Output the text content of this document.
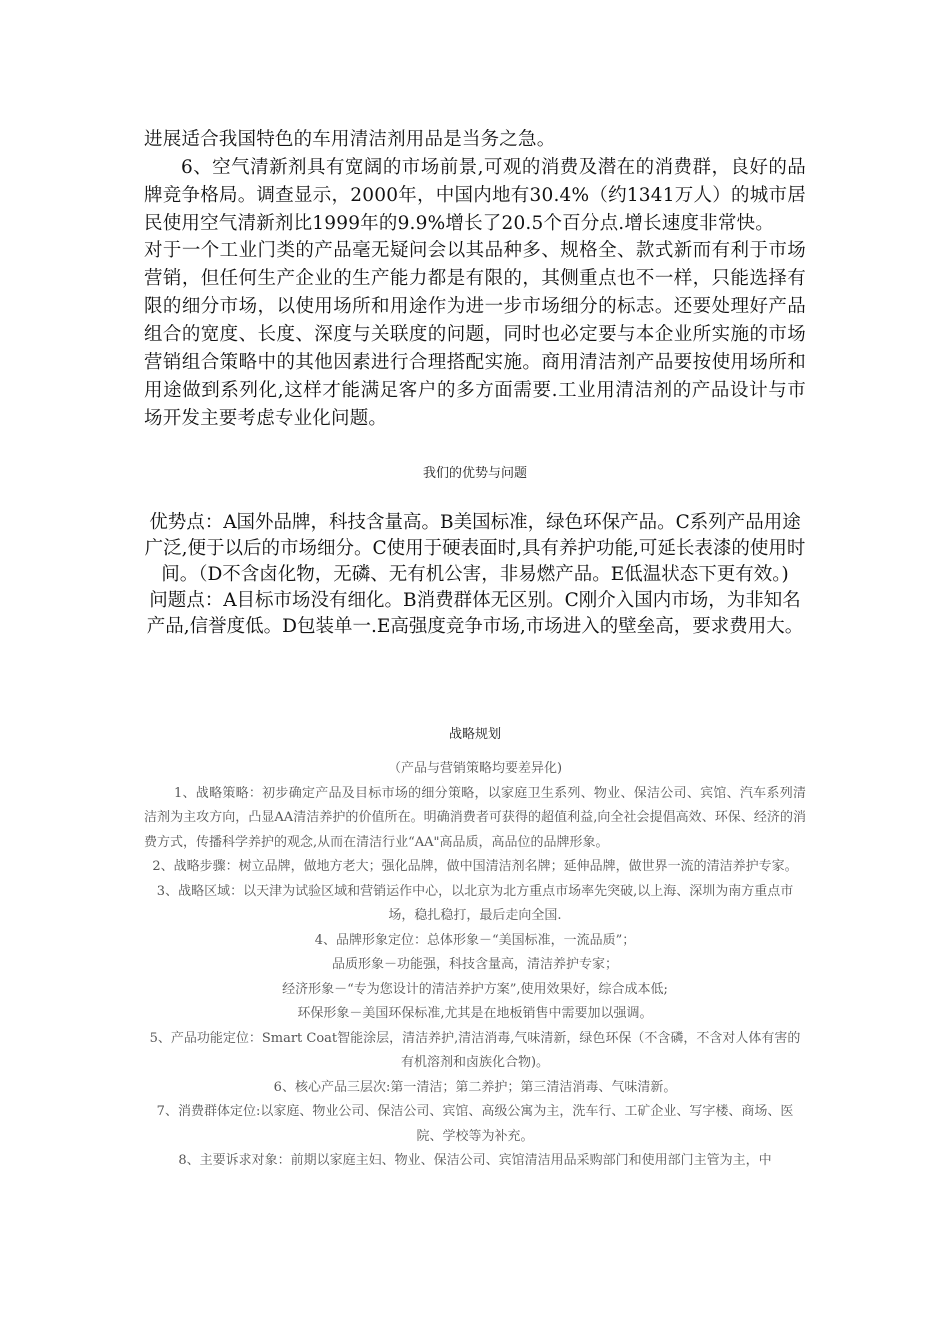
进展适合我国特色的车用清洁剂用品是当务之急。

6、空气清新剂具有宽阔的市场前景,可观的消费及潜在的消费群，良好的品牌竞争格局。调查显示，2000年，中国内地有30.4%（约1341万人）的城市居民使用空气清新剂比1999年的9.9%增长了20.5个百分点.增长速度非常快。

对于一个工业门类的产品毫无疑问会以其品种多、规格全、款式新而有利于市场营销，但任何生产企业的生产能力都是有限的，其侧重点也不一样，只能选择有限的细分市场，以使用场所和用途作为进一步市场细分的标志。还要处理好产品组合的宽度、长度、深度与关联度的问题，同时也必定要与本企业所实施的市场营销组合策略中的其他因素进行合理搭配实施。商用清洁剂产品要按使用场所和用途做到系列化,这样才能满足客户的多方面需要.工业用清洁剂的产品设计与市场开发主要考虑专业化问题。

我们的优势与问题

优势点：A国外品牌，科技含量高。B美国标准，绿色环保产品。C系列产品用途广泛,便于以后的市场细分。C使用于硬表面时,具有养护功能,可延长表漆的使用时间。（D不含卤化物，无磷、无有机公害，非易燃产品。E低温状态下更有效。)

问题点：A目标市场没有细化。B消费群体无区别。C刚介入国内市场，为非知名产品,信誉度低。D包装单一.E高强度竞争市场,市场进入的壁垒高，要求费用大。

战略规划

（产品与营销策略均要差异化)

1、战略策略：初步确定产品及目标市场的细分策略，以家庭卫生系列、物业、保洁公司、宾馆、汽车系列清洁剂为主攻方向，凸显AA清洁养护的价值所在。明确消费者可获得的超值利益,向全社会提倡高效、环保、经济的消费方式，传播科学养护的观念,从而在清洁行业“AA"高品质，高品位的品牌形象。

2、战略步骤：树立品牌，做地方老大；强化品牌，做中国清洁剂名牌；延伸品牌，做世界一流的清洁养护专家。

3、战略区域：以天津为试验区域和营销运作中心，以北京为北方重点市场率先突破,以上海、深圳为南方重点市场，稳扎稳打，最后走向全国.

4、品牌形象定位：总体形象－“美国标准，一流品质”；

品质形象－功能强，科技含量高，清洁养护专家；

经济形象－“专为您设计的清洁养护方案”,使用效果好，综合成本低;

环保形象－美国环保标准,尤其是在地板销售中需要加以强调。

5、产品功能定位：Smart Coat智能涂层，清洁养护,清洁消毒,气味清新，绿色环保（不含磷，不含对人体有害的有机溶剂和卤族化合物)。

6、核心产品三层次:第一清洁；第二养护；第三清洁消毒、气味清新。

7、消费群体定位:以家庭、物业公司、保洁公司、宾馆、高级公寓为主，洗车行、工矿企业、写字楼、商场、医院、学校等为补充。

8、主要诉求对象：前期以家庭主妇、物业、保洁公司、宾馆清洁用品采购部门和使用部门主管为主，中
